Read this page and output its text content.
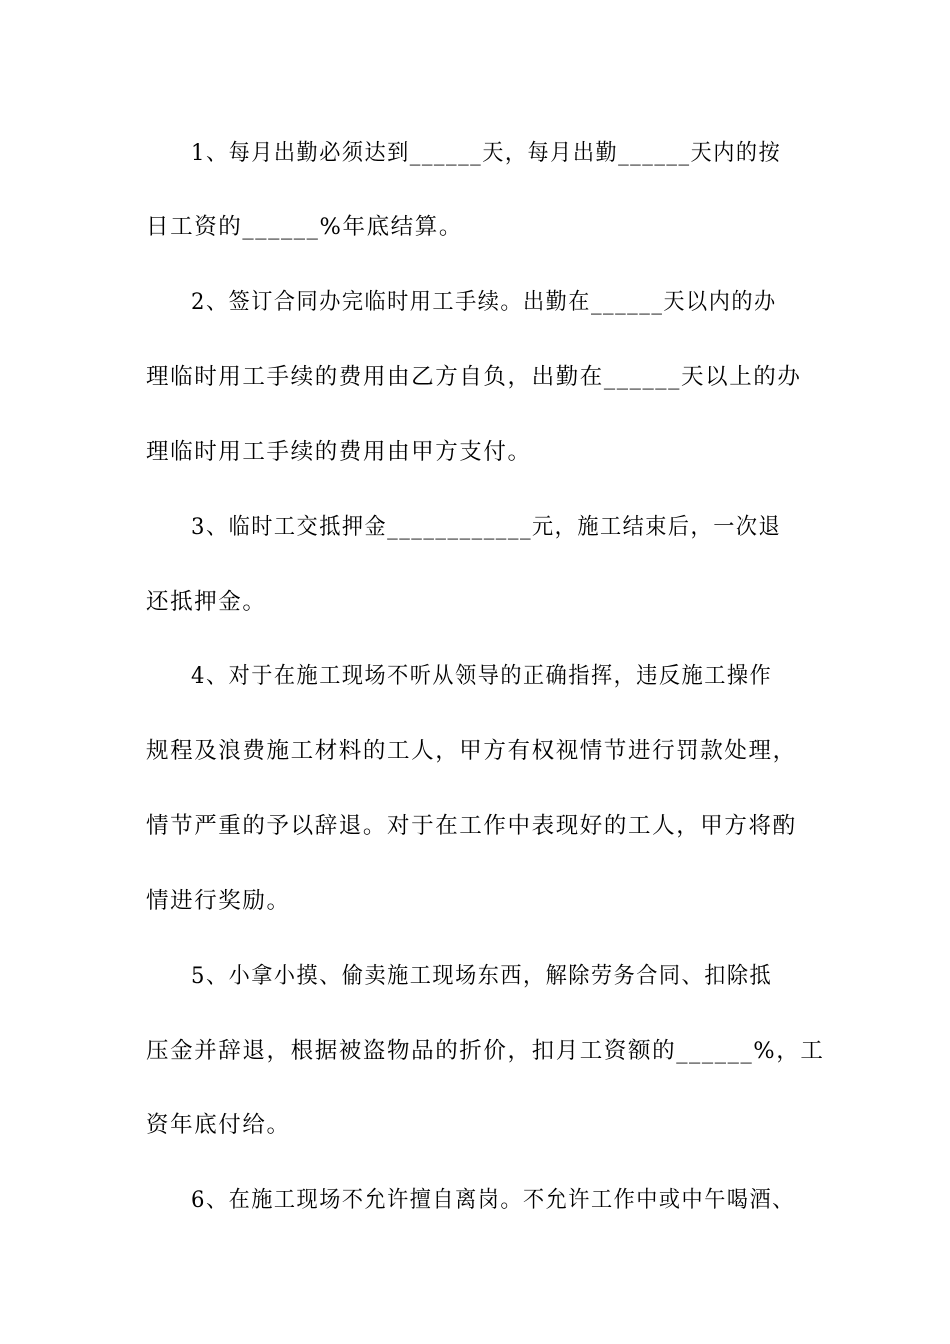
1、每月出勤必须达到______天，每月出勤______天内的按
日工资的______%年底结算。
2、签订合同办完临时用工手续。出勤在______天以内的办
理临时用工手续的费用由乙方自负，出勤在______天以上的办
理临时用工手续的费用由甲方支付。
3、临时工交抵押金____________元，施工结束后，一次退
还抵押金。
4、对于在施工现场不听从领导的正确指挥，违反施工操作
规程及浪费施工材料的工人，甲方有权视情节进行罚款处理，
情节严重的予以辞退。对于在工作中表现好的工人，甲方将酌
情进行奖励。
5、小拿小摸、偷卖施工现场东西，解除劳务合同、扣除抵
压金并辞退，根据被盗物品的折价，扣月工资额的______%，工
资年底付给。
6、在施工现场不允许擅自离岗。不允许工作中或中午喝酒、
